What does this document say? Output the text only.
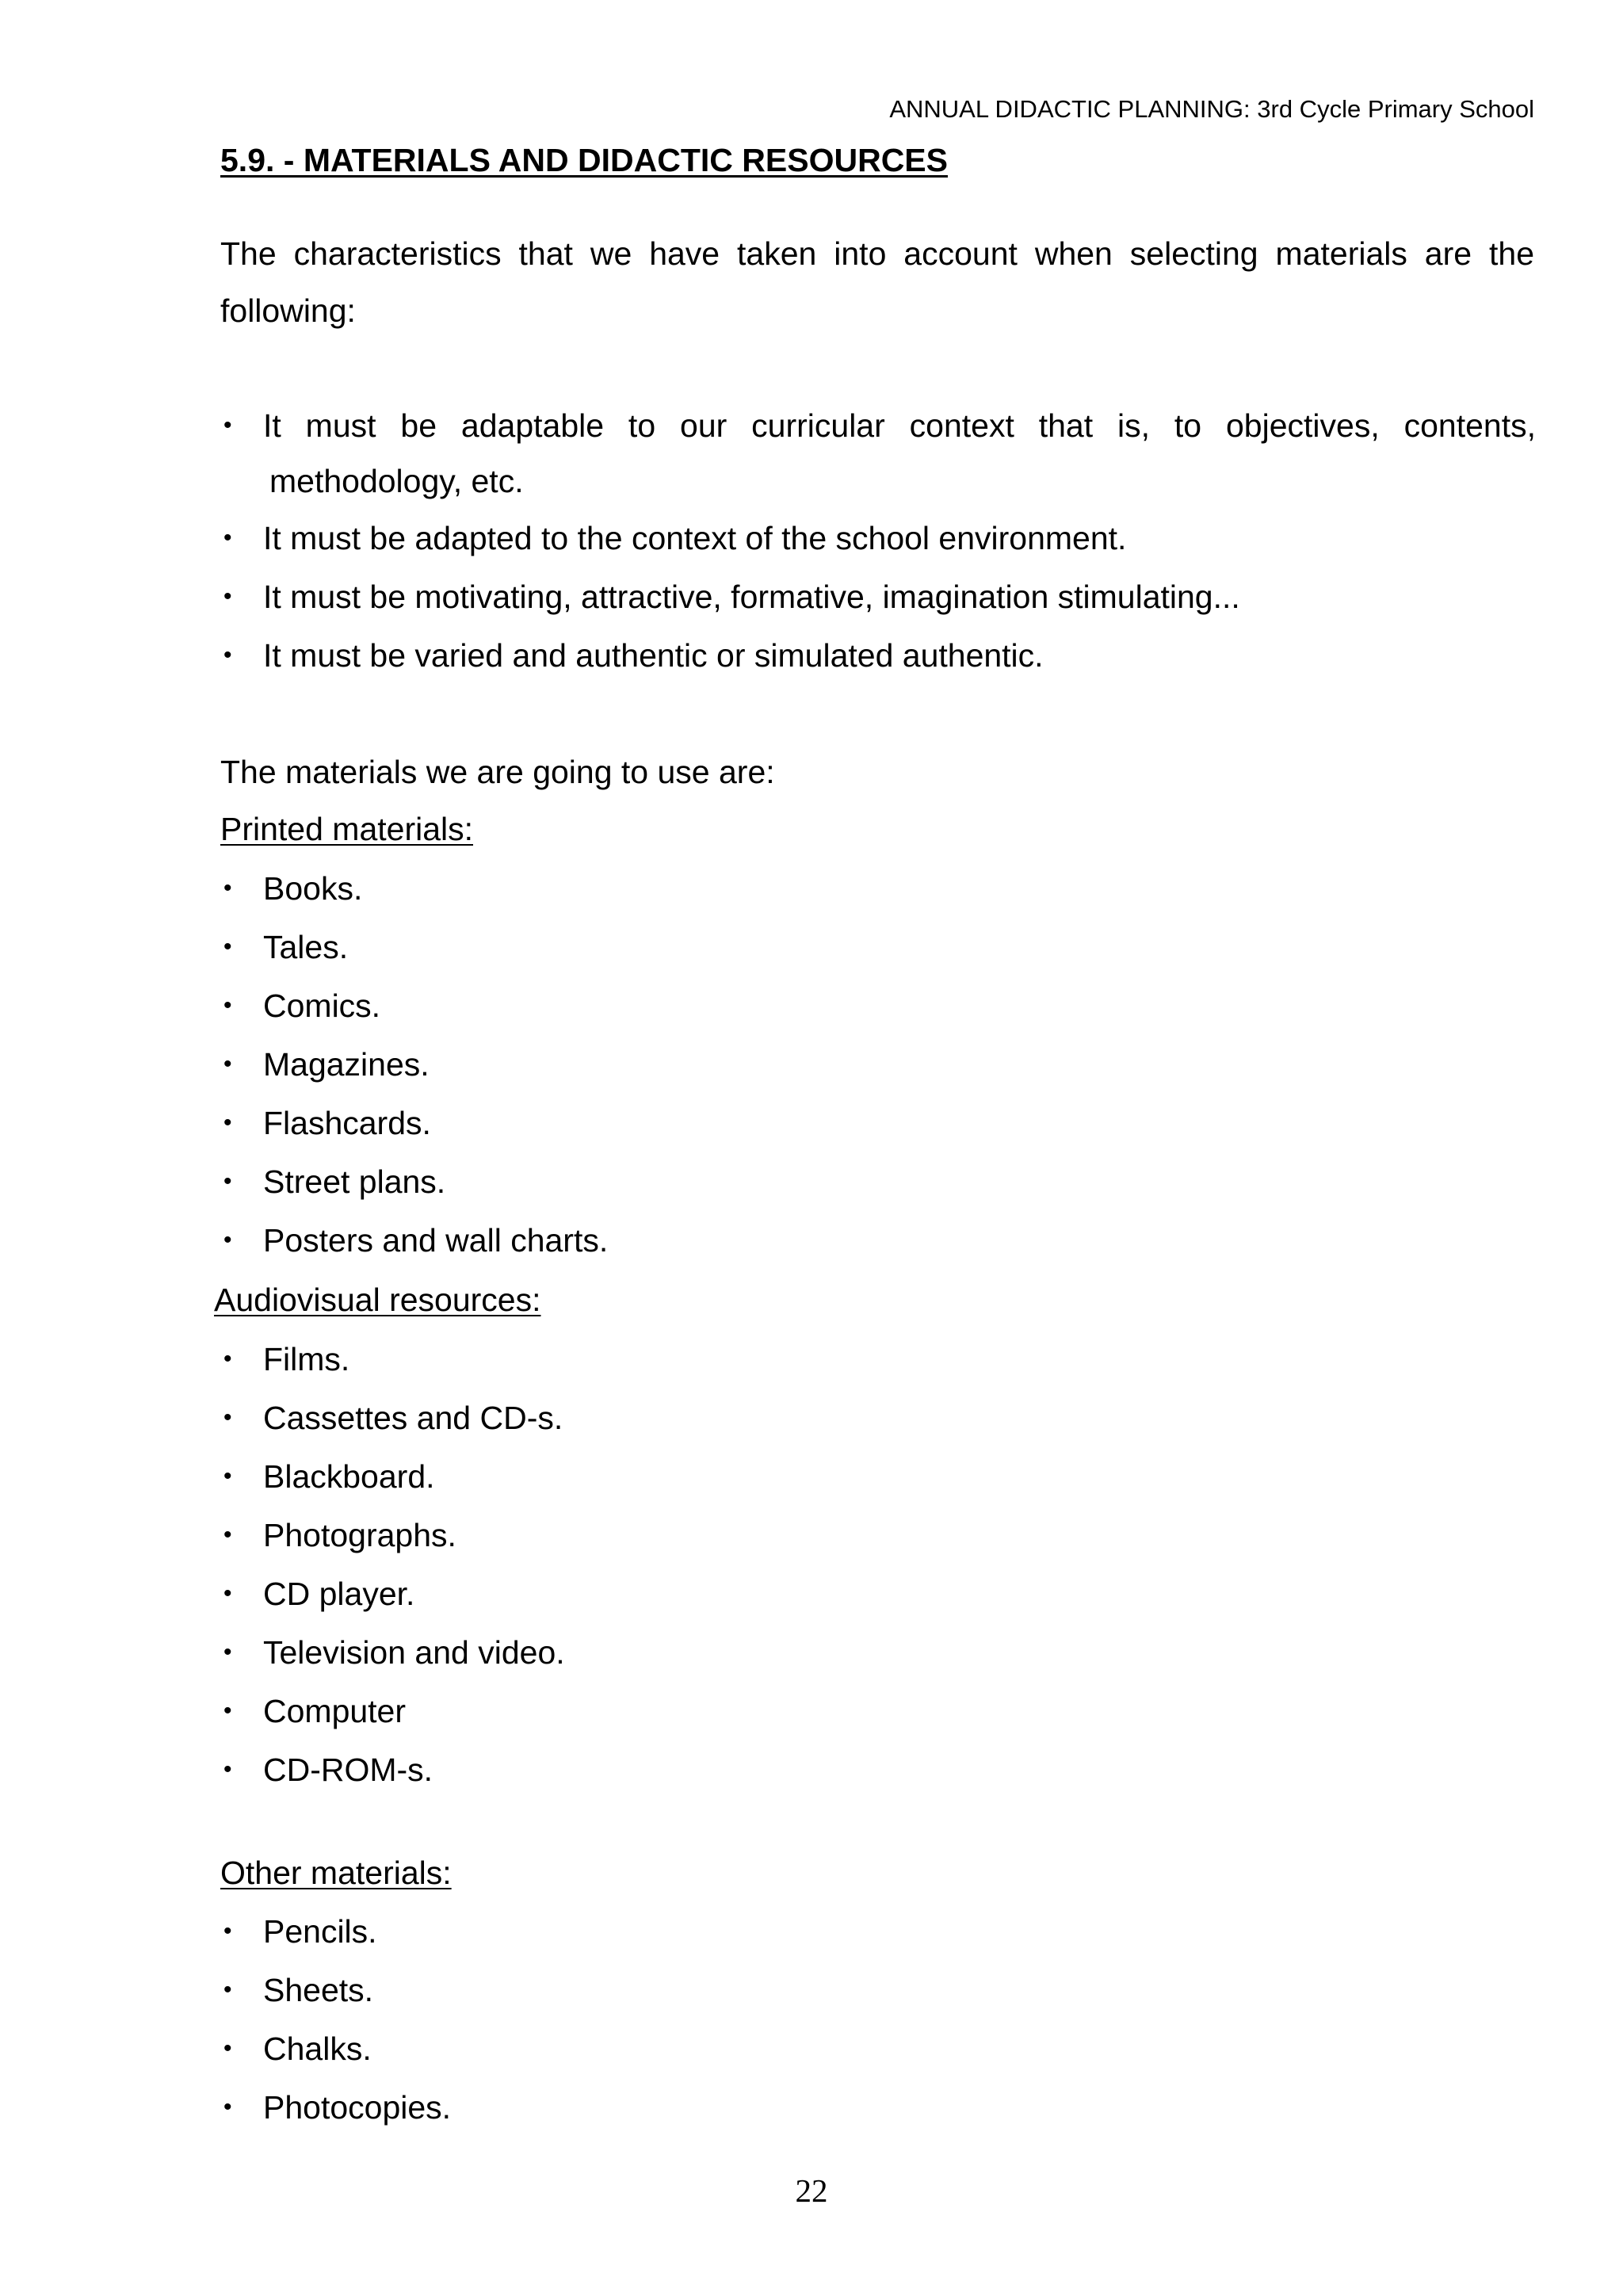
ANNUAL DIDACTIC PLANNING: 3rd Cycle Primary School
5.9. - MATERIALS AND DIDACTIC RESOURCES
The characteristics that we have taken into account when selecting materials are the
following:
• It must be adaptable to our curricular context that is, to objectives, contents,
methodology, etc.
• It must be adapted to the context of the school environment.
• It must be motivating, attractive, formative, imagination stimulating...
• It must be varied and authentic or simulated authentic.
The materials we are going to use are:
Printed materials:
• Books.
• Tales.
• Comics.
• Magazines.
• Flashcards.
• Street plans.
• Posters and wall charts.
Audiovisual resources:
• Films.
• Cassettes and CD-s.
• Blackboard.
• Photographs.
• CD player.
• Television and video.
• Computer
• CD-ROM-s.
Other materials:
• Pencils.
• Sheets.
• Chalks.
• Photocopies.
22
